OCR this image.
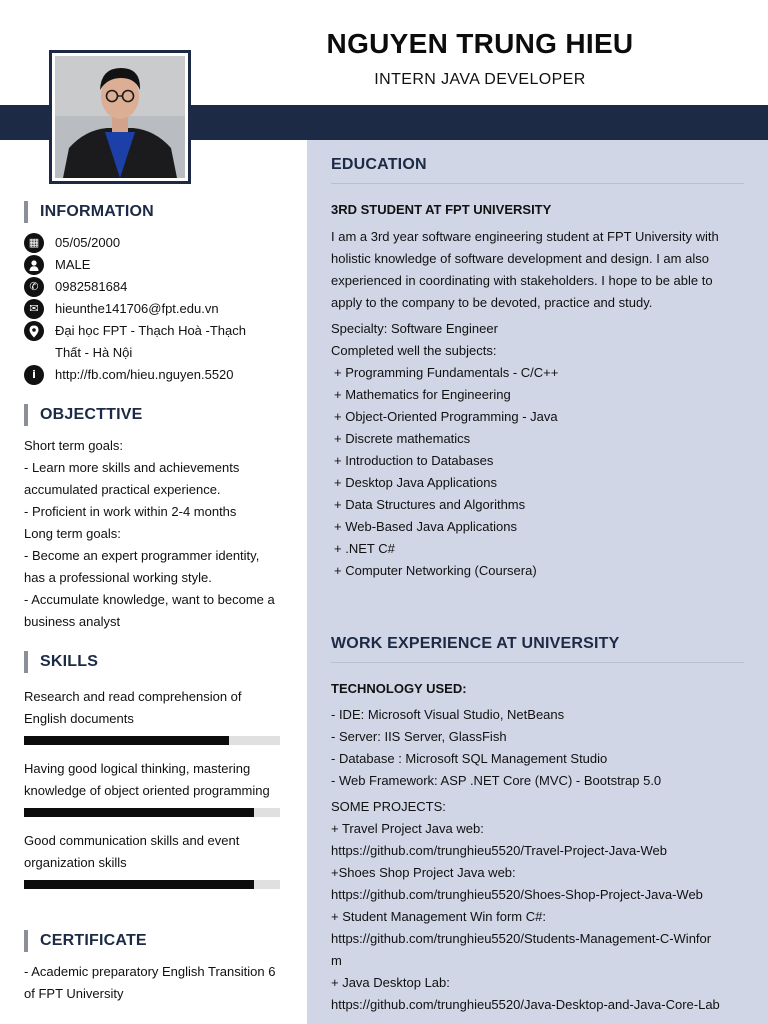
NGUYEN TRUNG HIEU
INTERN JAVA DEVELOPER
INFORMATION
▦	05/05/2000
MALE
✆	0982581684
✉	hieunthe141706@fpt.edu.vn
Đại học FPT - Thạch Hoà -Thạch Thất - Hà Nội
i	http://fb.com/hieu.nguyen.5520
OBJECTTIVE

Short term goals:

- Learn more skills and achievements accumulated practical experience.

- Proficient in work within 2-4 months

Long term goals:

- Become an expert programmer identity, has a professional working style.

- Accumulate knowledge, want to become a business analyst

SKILLS
Research and read comprehension of English documents
Having good logical thinking, mastering knowledge of object oriented programming
Good communication skills and event organization skills
CERTIFICATE

- Academic preparatory English Transition 6 of FPT University

EDUCATION
3RD STUDENT AT FPT UNIVERSITY

I am a 3rd year software engineering student at FPT University with holistic knowledge of software development and design. I am also experienced in coordinating with stakeholders. I hope to be able to apply to the company to be devoted, practice and study.

Specialty: Software Engineer

Completed well the subjects:

+ Programming Fundamentals - C/C++

+ Mathematics for Engineering

+ Object-Oriented Programming - Java

+ Discrete mathematics

+ Introduction to Databases

+ Desktop Java Applications

+ Data Structures and Algorithms

+ Web-Based Java Applications

+ .NET C#

+ Computer Networking (Coursera)

WORK EXPERIENCE AT UNIVERSITY
TECHNOLOGY USED:

- IDE: Microsoft Visual Studio, NetBeans

- Server: IIS Server, GlassFish

- Database : Microsoft SQL Management Studio

- Web Framework: ASP .NET Core (MVC) - Bootstrap 5.0

SOME PROJECTS:

+ Travel Project Java web:

https://github.com/trunghieu5520/Travel-Project-Java-Web

+Shoes Shop Project Java web:

https://github.com/trunghieu5520/Shoes-Shop-Project-Java-Web

+ Student Management Win form C#:

https://github.com/trunghieu5520/Students-Management-C-Winfor

m

+ Java Desktop Lab:

https://github.com/trunghieu5520/Java-Desktop-and-Java-Core-Lab
